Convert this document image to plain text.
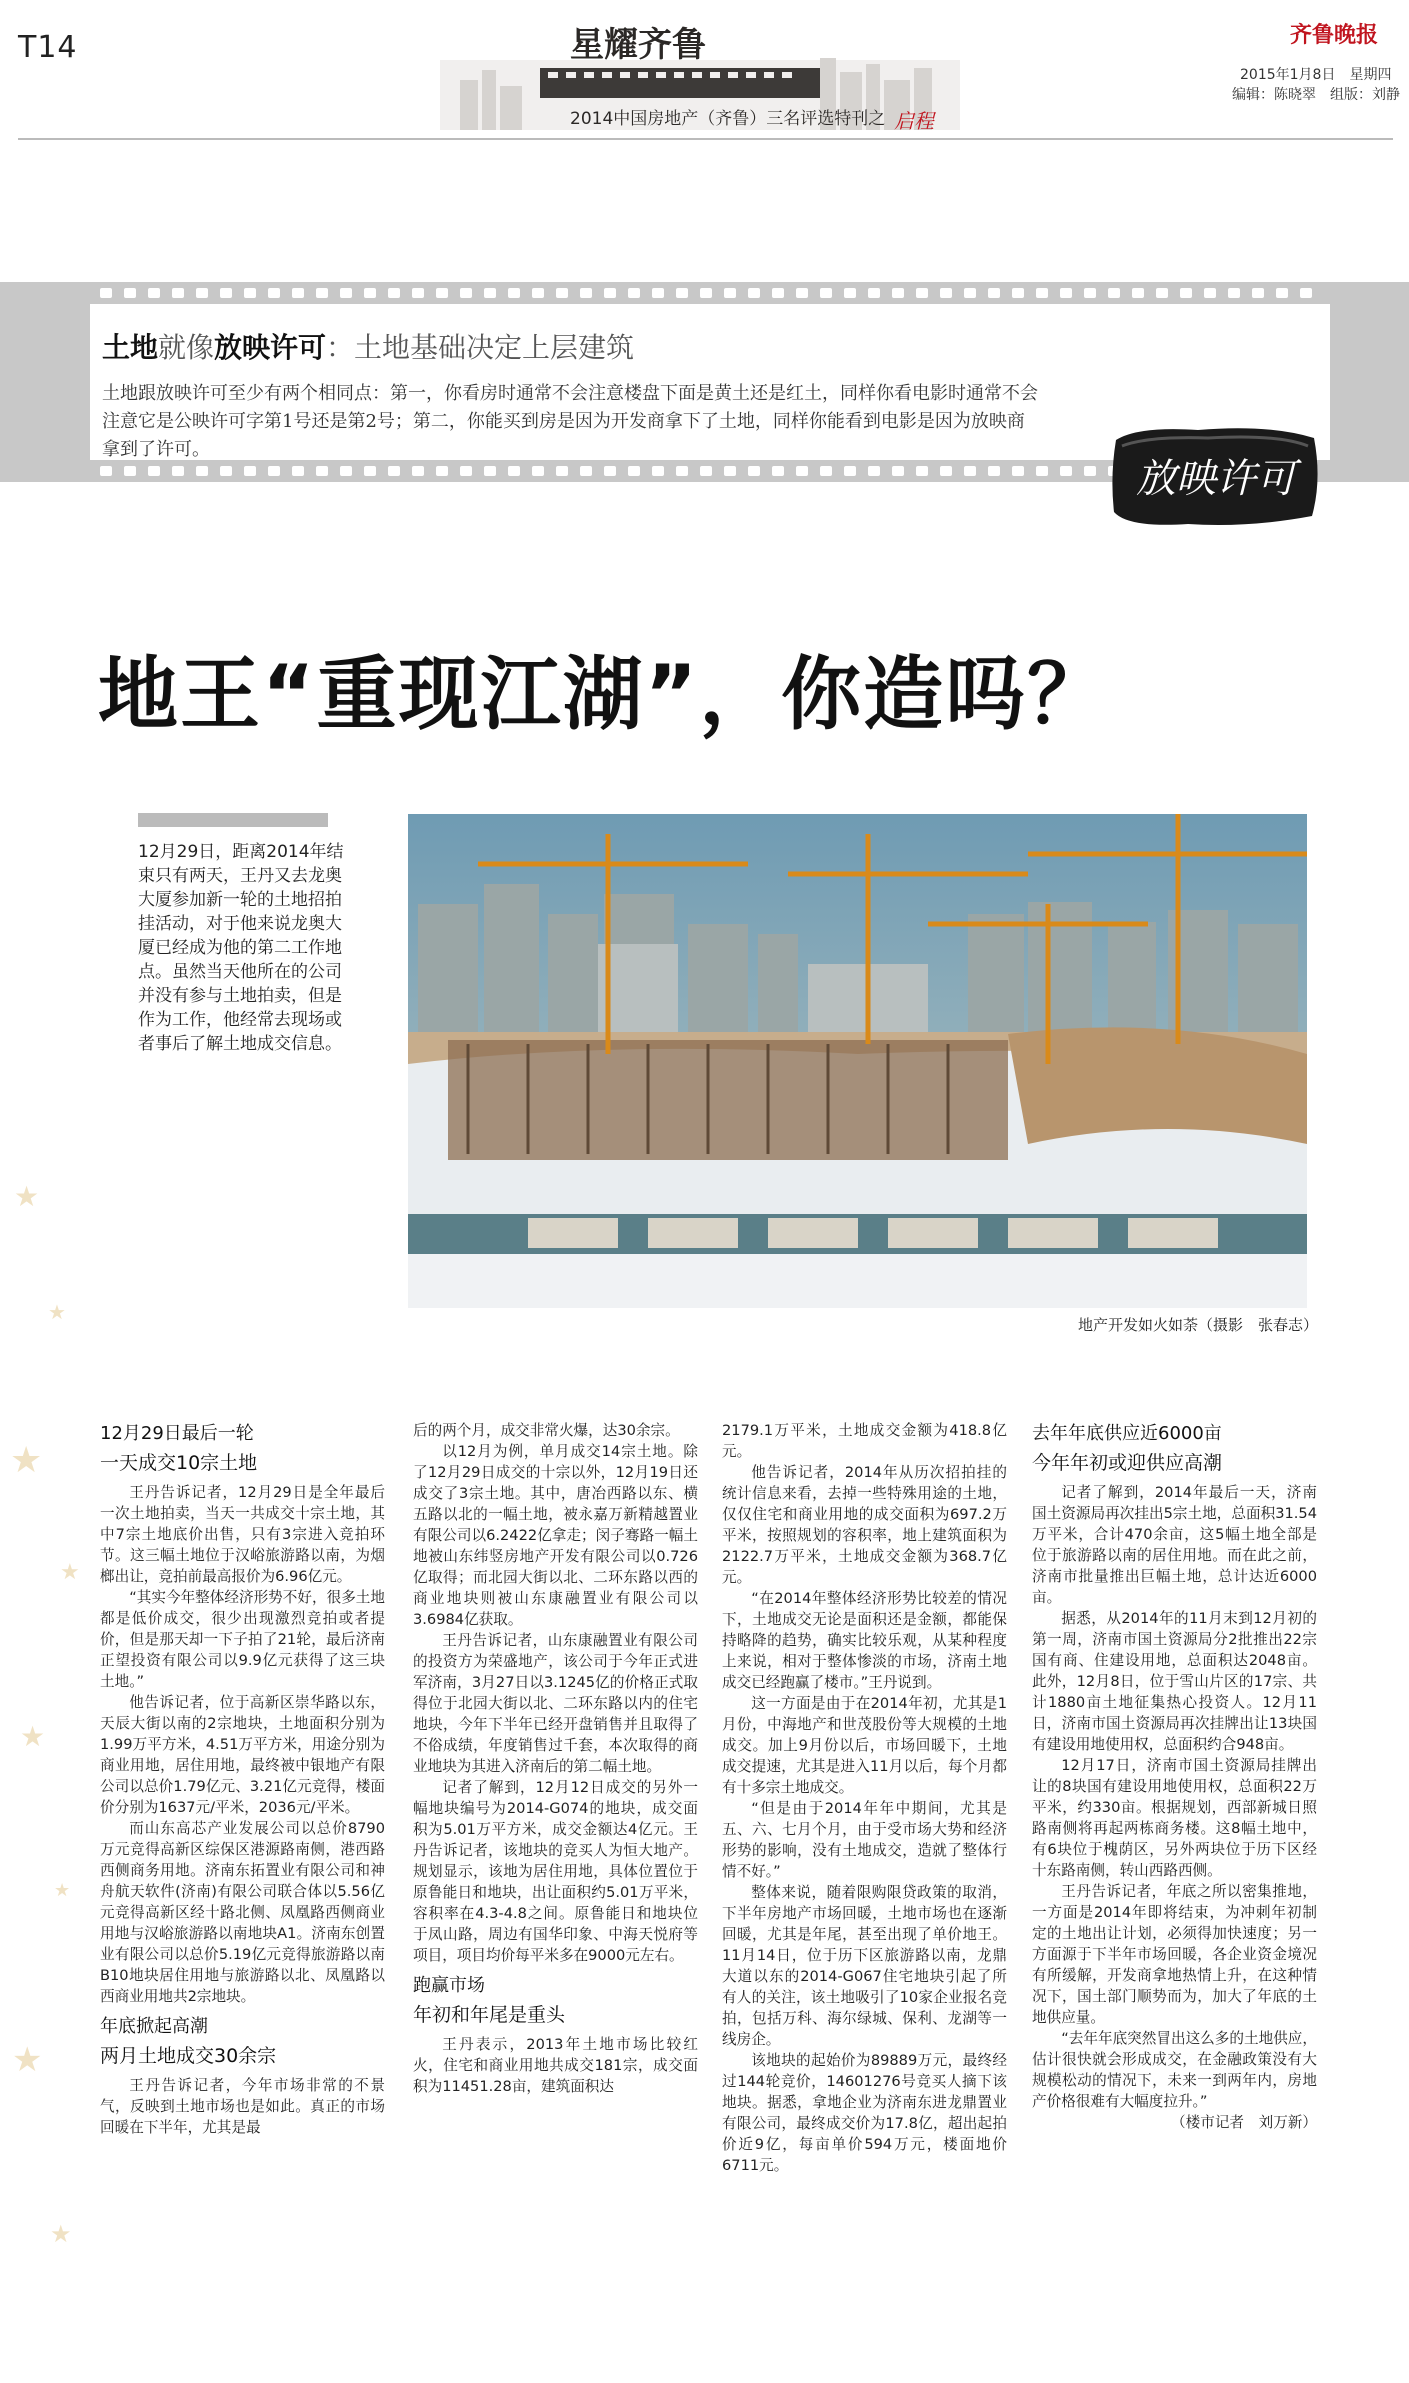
T14	星耀齐鲁
2014中国房地产（齐鲁）三名评选特刊之 启程
齐鲁晚报
2015年1月8日　星期四
编辑：陈晓翠　组版：刘静
土地就像放映许可：土地基础决定上层建筑
土地跟放映许可至少有两个相同点：第一，你看房时通常不会注意楼盘下面是黄土还是红土，同样你看电影时通常不会注意它是公映许可字第1号还是第2号；第二，你能买到房是因为开发商拿下了土地，同样你能看到电影是因为放映商拿到了许可。
放映许可
地王“重现江湖”，你造吗？
12月29日，距离2014年结束只有两天，王丹又去龙奥大厦参加新一轮的土地招拍挂活动，对于他来说龙奥大厦已经成为他的第二工作地点。虽然当天他所在的公司并没有参与土地拍卖，但是作为工作，他经常去现场或者事后了解土地成交信息。
地产开发如火如荼（摄影　张春志）
12月29日最后一轮
一天成交10宗土地

王丹告诉记者，12月29日是全年最后一次土地拍卖，当天一共成交十宗土地，其中7宗土地底价出售，只有3宗进入竞拍环节。这三幅土地位于汉峪旅游路以南，为烟榔出让，竞拍前最高报价为6.96亿元。

“其实今年整体经济形势不好，很多土地都是低价成交，很少出现激烈竞拍或者提价，但是那天却一下子拍了21轮，最后济南正望投资有限公司以9.9亿元获得了这三块土地。”

他告诉记者，位于高新区崇华路以东，天辰大街以南的2宗地块，土地面积分别为1.99万平方米，4.51万平方米，用途分别为商业用地，居住用地，最终被中银地产有限公司以总价1.79亿元、3.21亿元竞得，楼面价分别为1637元/平米，2036元/平米。

而山东高芯产业发展公司以总价8790万元竞得高新区综保区港源路南侧，港西路西侧商务用地。济南东拓置业有限公司和神舟航天软件(济南)有限公司联合体以5.56亿元竞得高新区经十路北侧、凤凰路西侧商业用地与汉峪旅游路以南地块A1。济南东创置业有限公司以总价5.19亿元竞得旅游路以南B10地块居住用地与旅游路以北、凤凰路以西商业用地共2宗地块。

年底掀起高潮
两月土地成交30余宗

王丹告诉记者，今年市场非常的不景气，反映到土地市场也是如此。真正的市场回暖在下半年，尤其是最

后的两个月，成交非常火爆，达30余宗。

以12月为例，单月成交14宗土地。除了12月29日成交的十宗以外，12月19日还成交了3宗土地。其中，唐冶西路以东、横五路以北的一幅土地，被永嘉万新精越置业有限公司以6.2422亿拿走；闵子骞路一幅土地被山东纬竖房地产开发有限公司以0.726亿取得；而北园大街以北、二环东路以西的商业地块则被山东康融置业有限公司以3.6984亿获取。

王丹告诉记者，山东康融置业有限公司的投资方为荣盛地产，该公司于今年正式进军济南，3月27日以3.1245亿的价格正式取得位于北园大街以北、二环东路以内的住宅地块，今年下半年已经开盘销售并且取得了不俗成绩，年度销售过千套，本次取得的商业地块为其进入济南后的第二幅土地。

记者了解到，12月12日成交的另外一幅地块编号为2014-G074的地块，成交面积为5.01万平方米，成交金额达4亿元。王丹告诉记者，该地块的竞买人为恒大地产。规划显示，该地为居住用地，具体位置位于原鲁能日和地块，出让面积约5.01万平米，容积率在4.3-4.8之间。原鲁能日和地块位于凤山路，周边有国华印象、中海天悦府等项目，项目均价每平米多在9000元左右。

跑赢市场
年初和年尾是重头

王丹表示，2013年土地市场比较红火，住宅和商业用地共成交181宗，成交面积为11451.28亩，建筑面积达

2179.1万平米，土地成交金额为418.8亿元。

他告诉记者，2014年从历次招拍挂的统计信息来看，去掉一些特殊用途的土地，仅仅住宅和商业用地的成交面积为697.2万平米，按照规划的容积率，地上建筑面积为2122.7万平米，土地成交金额为368.7亿元。

“在2014年整体经济形势比较差的情况下，土地成交无论是面积还是金额，都能保持略降的趋势，确实比较乐观，从某种程度上来说，相对于整体惨淡的市场，济南土地成交已经跑赢了楼市。”王丹说到。

这一方面是由于在2014年初，尤其是1月份，中海地产和世茂股份等大规模的土地成交。加上9月份以后，市场回暖下，土地成交提速，尤其是进入11月以后，每个月都有十多宗土地成交。

“但是由于2014年年中期间，尤其是五、六、七月个月，由于受市场大势和经济形势的影响，没有土地成交，造就了整体行情不好。”

整体来说，随着限购限贷政策的取消，下半年房地产市场回暖，土地市场也在逐渐回暖，尤其是年尾，甚至出现了单价地王。11月14日，位于历下区旅游路以南，龙鼎大道以东的2014-G067住宅地块引起了所有人的关注，该土地吸引了10家企业报名竞拍，包括万科、海尔绿城、保利、龙湖等一线房企。

该地块的起始价为89889万元，最终经过144轮竞价，14601276号竞买人摘下该地块。据悉，拿地企业为济南东进龙鼎置业有限公司，最终成交价为17.8亿，超出起拍价近9亿，每亩单价594万元，楼面地价6711元。

去年年底供应近6000亩
今年年初或迎供应高潮

记者了解到，2014年最后一天，济南国土资源局再次挂出5宗土地，总面积31.54万平米，合计470余亩，这5幅土地全部是位于旅游路以南的居住用地。而在此之前，济南市批量推出巨幅土地，总计达近6000亩。

据悉，从2014年的11月末到12月初的第一周，济南市国土资源局分2批推出22宗国有商、住建设用地，总面积达2048亩。此外，12月8日，位于雪山片区的17宗、共计1880亩土地征集热心投资人。12月11日，济南市国土资源局再次挂牌出让13块国有建设用地使用权，总面积约合948亩。

12月17日，济南市国土资源局挂牌出让的8块国有建设用地使用权，总面积22万平米，约330亩。根据规划，西部新城日照路南侧将再起两栋商务楼。这8幅土地中，有6块位于槐荫区，另外两块位于历下区经十东路南侧，转山西路西侧。

王丹告诉记者，年底之所以密集推地，一方面是2014年即将结束，为冲刺年初制定的土地出让计划，必须得加快速度；另一方面源于下半年市场回暖，各企业资金境况有所缓解，开发商拿地热情上升，在这种情况下，国土部门顺势而为，加大了年底的土地供应量。

“去年年底突然冒出这么多的土地供应，估计很快就会形成成交，在金融政策没有大规模松动的情况下，未来一到两年内，房地产价格很难有大幅度拉升。”

（楼市记者　刘万新）

★
★
★
★
★
★
★
★
